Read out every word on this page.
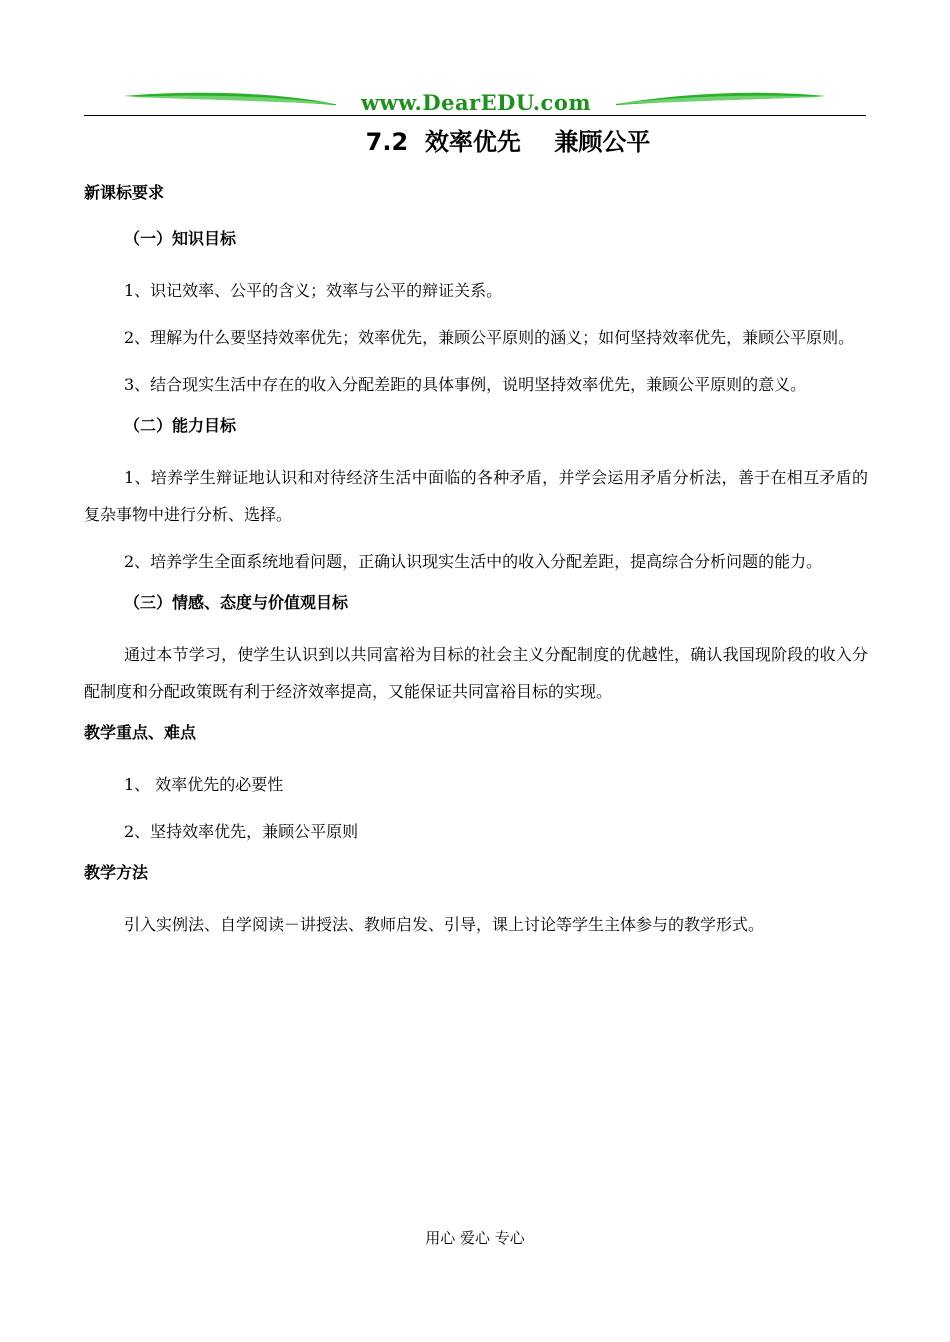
www.DearEDU.com
7.2  效率优先    兼顾公平
新课标要求
（一）知识目标

1、识记效率、公平的含义；效率与公平的辩证关系。

2、理解为什么要坚持效率优先；效率优先，兼顾公平原则的涵义；如何坚持效率优先，兼顾公平原则。

3、结合现实生活中存在的收入分配差距的具体事例，说明坚持效率优先，兼顾公平原则的意义。

（二）能力目标

1、培养学生辩证地认识和对待经济生活中面临的各种矛盾，并学会运用矛盾分析法，善于在相互矛盾的复杂事物中进行分析、选择。

2、培养学生全面系统地看问题，正确认识现实生活中的收入分配差距，提高综合分析问题的能力。

（三）情感、态度与价值观目标

通过本节学习，使学生认识到以共同富裕为目标的社会主义分配制度的优越性，确认我国现阶段的收入分配制度和分配政策既有利于经济效率提高，又能保证共同富裕目标的实现。

教学重点、难点

1、 效率优先的必要性

2、坚持效率优先，兼顾公平原则

教学方法

引入实例法、自学阅读－讲授法、教师启发、引导，课上讨论等学生主体参与的教学形式。

用心 爱心 专心
